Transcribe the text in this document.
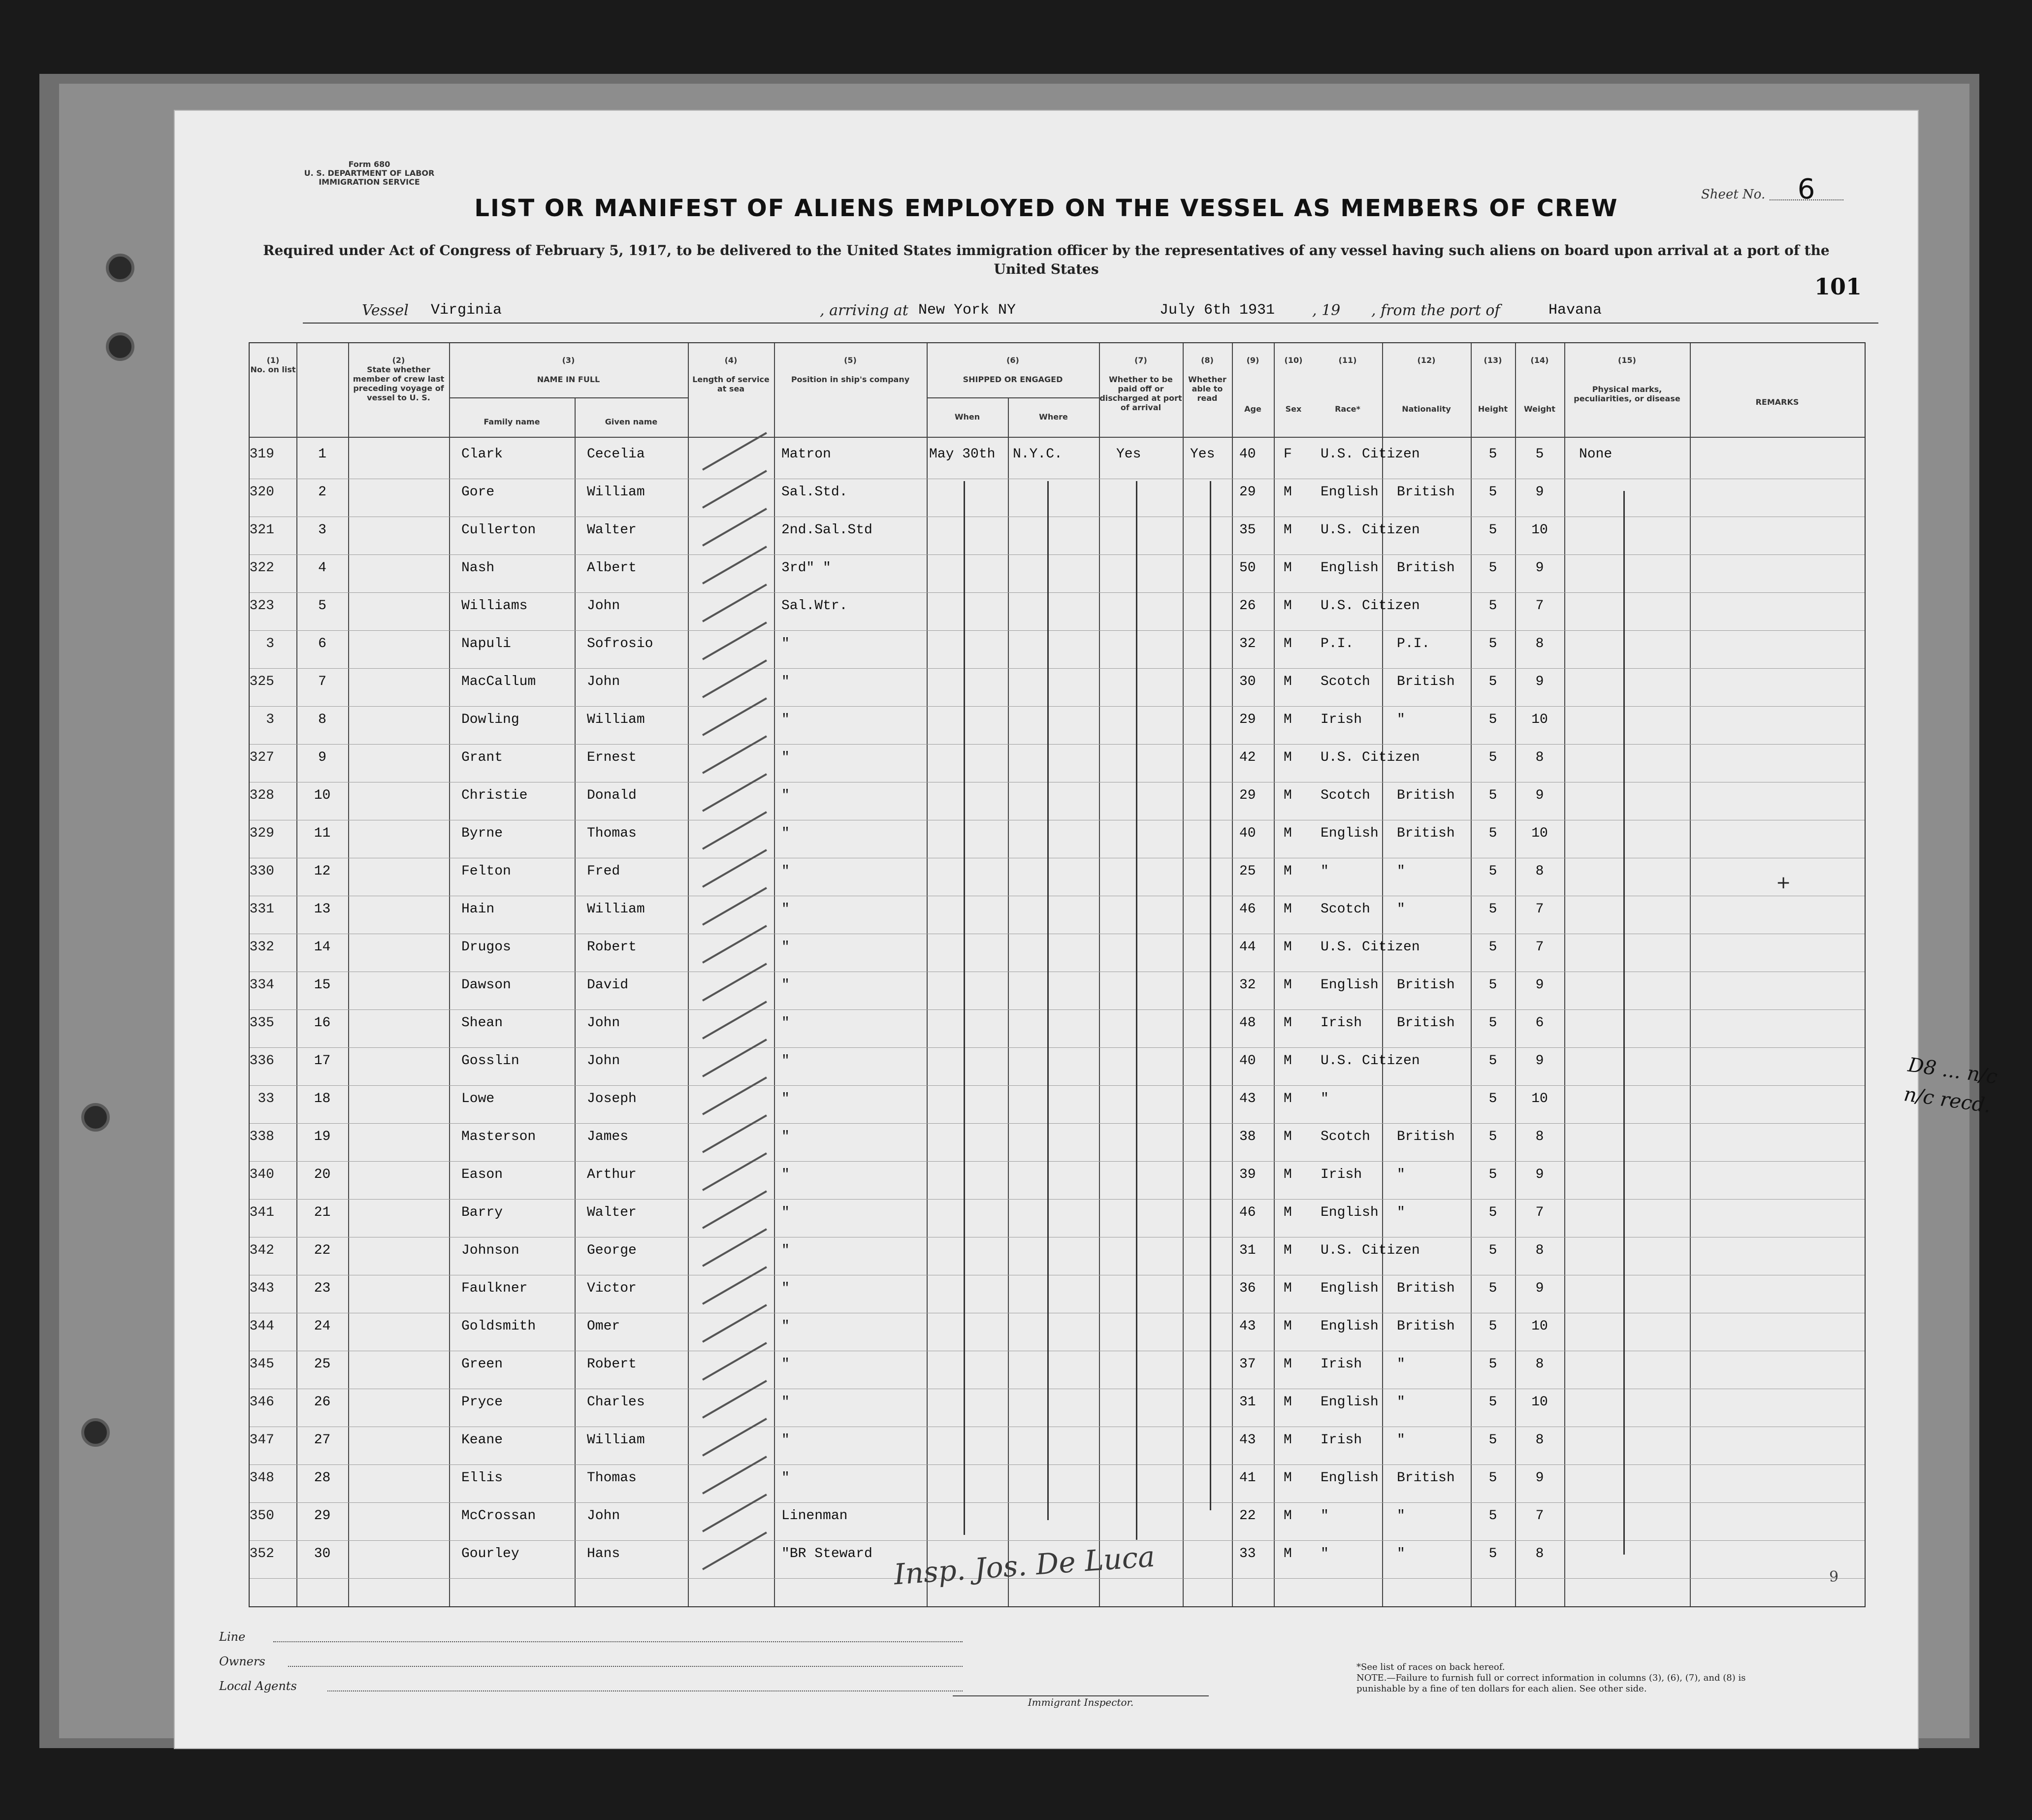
Form 680
U. S. DEPARTMENT OF LABOR
IMMIGRATION SERVICE
Sheet No. 6
LIST OR MANIFEST OF ALIENS EMPLOYED ON THE VESSEL AS MEMBERS OF CREW
Required under Act of Congress of February 5, 1917, to be delivered to the United States immigration officer by the representatives of any vessel having such aliens on board upon arrival at a port of the United States
101
Vessel Virginia	, arriving at New York NY	July 6th 1931	, 19 , from the port of	Havana
(1)
No. on list
(2)
State whether member of crew last preceding voyage of vessel to U. S.
(3)
NAME IN FULL
Family name	Given name
(4)
Length of service at sea
(5)
Position in ship's company
(6)
SHIPPED OR ENGAGED
When	Where
(7)
Whether to be paid off or discharged at port of arrival
(8)
Whether able to read
(9)
Age
(10)
Sex
(11)
Race*
(12)
Nationality
(13)
Height
(14)
Weight
(15)
Physical marks, peculiarities, or disease	REMARKS
319	1	Clark	Cecelia	Matron	May 30th	N.Y.C.	Yes	Yes	40	F	U.S. Citizen	5	5	None
320	2	Gore	William	Sal.Std.	29	M	English	British	5	9
321	3	Cullerton	Walter	2nd.Sal.Std	35	M	U.S. Citizen	5	10
322	4	Nash	Albert	3rd" "	50	M	English	British	5	9
323	5	Williams	John	Sal.Wtr.	26	M	U.S. Citizen	5	7
3	6	Napuli	Sofrosio	"	32	M	P.I.	P.I.	5	8
325	7	MacCallum	John	"	30	M	Scotch	British	5	9
3	8	Dowling	William	"	29	M	Irish	"	5	10
327	9	Grant	Ernest	"	42	M	U.S. Citizen	5	8
328	10	Christie	Donald	"	29	M	Scotch	British	5	9
329	11	Byrne	Thomas	"	40	M	English	British	5	10
330	12	Felton	Fred	"	25	M	"	"	5	8
331	13	Hain	William	"	46	M	Scotch	"	5	7
332	14	Drugos	Robert	"	44	M	U.S. Citizen	5	7
334	15	Dawson	David	"	32	M	English	British	5	9
335	16	Shean	John	"	48	M	Irish	British	5	6
336	17	Gosslin	John	"	40	M	U.S. Citizen	5	9
33	18	Lowe	Joseph	"	43	M	"	5	10
338	19	Masterson	James	"	38	M	Scotch	British	5	8
340	20	Eason	Arthur	"	39	M	Irish	"	5	9
341	21	Barry	Walter	"	46	M	English	"	5	7
342	22	Johnson	George	"	31	M	U.S. Citizen	5	8
343	23	Faulkner	Victor	"	36	M	English	British	5	9
344	24	Goldsmith	Omer	"	43	M	English	British	5	10
345	25	Green	Robert	"	37	M	Irish	"	5	8
346	26	Pryce	Charles	"	31	M	English	"	5	10
347	27	Keane	William	"	43	M	Irish	"	5	8
348	28	Ellis	Thomas	"	41	M	English	British	5	9
350	29	McCrossan	John	Linenman	22	M	"	"	5	7
352	30	Gourley	Hans	"BR Steward	33	M	"	"	5	8
+
Insp. Jos. De Luca	9
Line
Owners
Local Agents
Immigrant Inspector.
*See list of races on back hereof.
NOTE.—Failure to furnish full or correct information in columns (3), (6), (7), and (8) is punishable by a fine of ten dollars for each alien. See other side.
D8 ... n/c n/c recd.
